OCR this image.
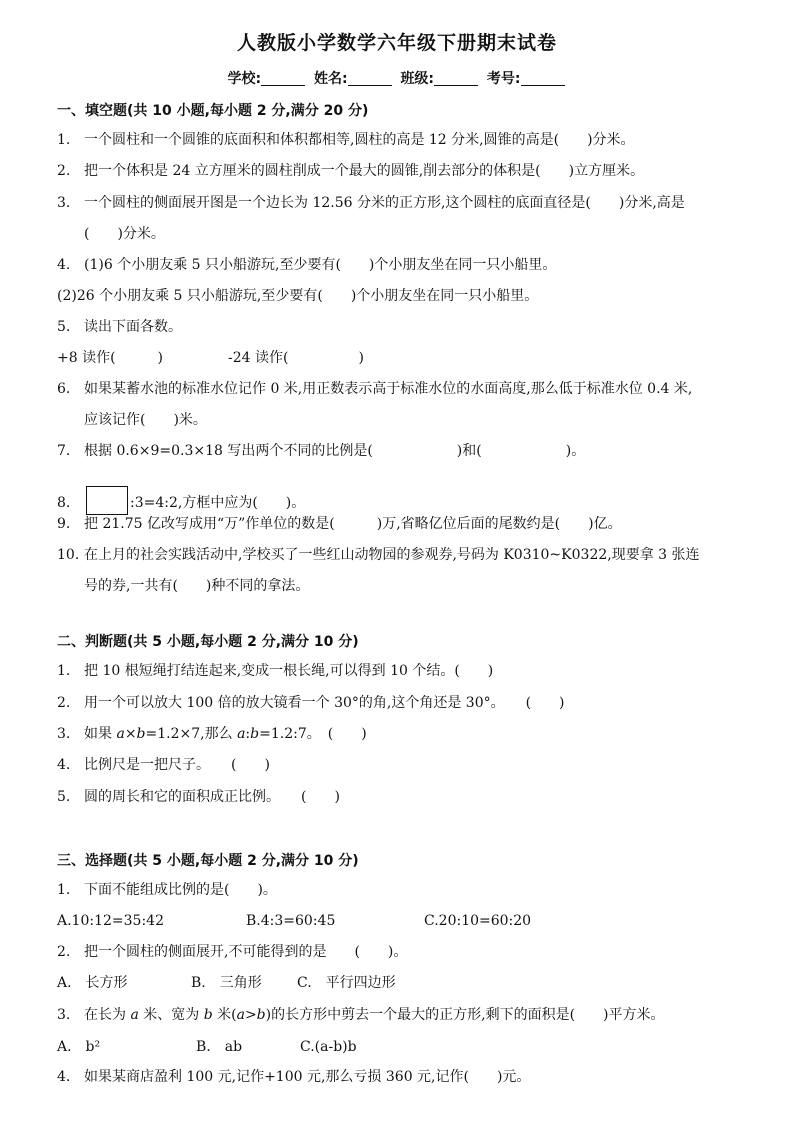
人教版小学数学六年级下册期末试卷
学校:	姓名:	班级:	考号:
一、填空题(共 10 小题,每小题 2 分,满分 20 分)
1. 一个圆柱和一个圆锥的底面积和体积都相等,圆柱的高是 12 分米,圆锥的高是(　　)分米。
2. 把一个体积是 24 立方厘米的圆柱削成一个最大的圆锥,削去部分的体积是(　　)立方厘米。
3. 一个圆柱的侧面展开图是一个边长为 12.56 分米的正方形,这个圆柱的底面直径是(　　)分米,高是
(　　)分米。
4. (1)6 个小朋友乘 5 只小船游玩,至少要有(　　)个小朋友坐在同一只小船里。
(2)26 个小朋友乘 5 只小船游玩,至少要有(　　)个小朋友坐在同一只小船里。
5. 读出下面各数。
+8 读作(　　　)	-24 读作(　　　　　)
6. 如果某蓄水池的标准水位记作 0 米,用正数表示高于标准水位的水面高度,那么低于标准水位 0.4 米,
应该记作(　　)米。
7. 根据 0.6×9=0.3×18 写出两个不同的比例是(　　　　　　)和(　　　　　　)。
8.	:3=4:2,方框中应为(　　)。
9. 把 21.75 亿改写成用“万”作单位的数是(　　　)万,省略亿位后面的尾数约是(　　)亿。
10. 在上月的社会实践活动中,学校买了一些红山动物园的参观券,号码为 K0310~K0322,现要拿 3 张连
号的券,一共有(　　)种不同的拿法。
二、判断题(共 5 小题,每小题 2 分,满分 10 分)
1. 把 10 根短绳打结连起来,变成一根长绳,可以得到 10 个结。(　　)
2. 用一个可以放大 100 倍的放大镜看一个 30°的角,这个角还是 30°。　　(　　)
3. 如果 a×b=1.2×7,那么 a:b=1.2:7。　(　　)
4. 比例尺是一把尺子。　　(　　)
5. 圆的周长和它的面积成正比例。　　(　　)
三、选择题(共 5 小题,每小题 2 分,满分 10 分)
1. 下面不能组成比例的是(　　)。
A.10:12=35:42	B.4:3=60:45	C.20:10=60:20
2. 把一个圆柱的侧面展开,不可能得到的是　　(　　)。
A.　长方形	B.　三角形	C.　平行四边形
3. 在长为 a 米、宽为 b 米(a>b)的长方形中剪去一个最大的正方形,剩下的面积是(　　)平方米。
A.　b²	B.　ab	C.(a-b)b
4. 如果某商店盈利 100 元,记作+100 元,那么亏损 360 元,记作(　　)元。
